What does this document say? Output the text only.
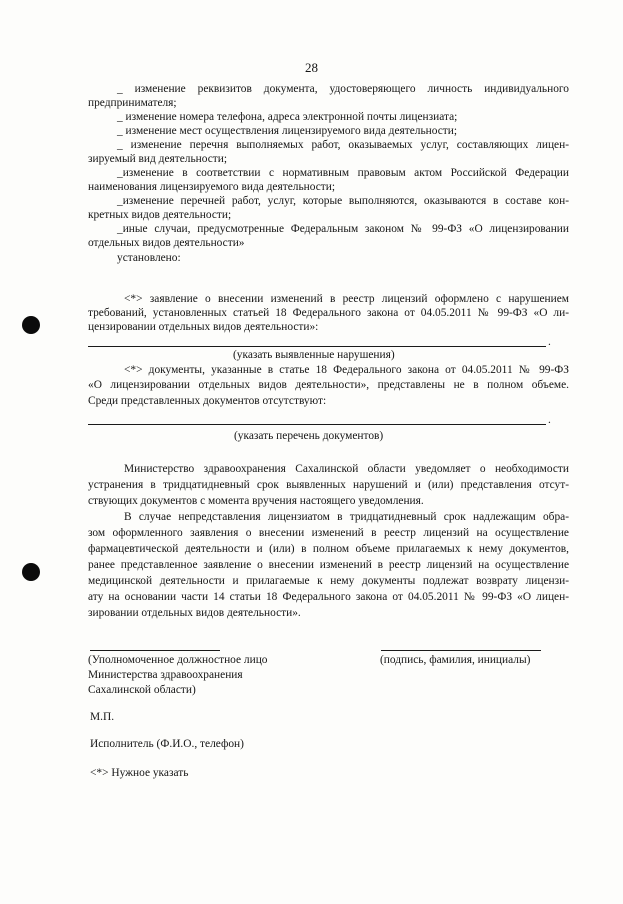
28
_ изменение реквизитов документа, удостоверяющего личность индивидуального
предпринимателя;
_ изменение номера телефона, адреса электронной почты лицензиата;
_ изменение мест осуществления лицензируемого вида деятельности;
_ изменение перечня выполняемых работ, оказываемых услуг, составляющих лицен-
зируемый вид деятельности;
_изменение в соответствии с нормативным правовым актом Российской Федерации
наименования лицензируемого вида деятельности;
_изменение перечней работ, услуг, которые выполняются, оказываются в составе кон-
кретных видов деятельности;
_иные случаи, предусмотренные Федеральным законом № 99-ФЗ «О лицензировании
отдельных видов деятельности»
установлено:
<*> заявление о внесении изменений в реестр лицензий оформлено с нарушением
требований, установленных статьей 18 Федерального закона от 04.05.2011 № 99-ФЗ «О ли-
цензировании отдельных видов деятельности»:
.
(указать выявленные нарушения)
<*> документы, указанные в статье 18 Федерального закона от 04.05.2011 № 99-ФЗ
«О лицензировании отдельных видов деятельности», представлены не в полном объеме.
Среди представленных документов отсутствуют:
.
(указать перечень документов)
Министерство здравоохранения Сахалинской области уведомляет о необходимости
устранения в тридцатидневный срок выявленных нарушений и (или) представления отсут-
ствующих документов с момента вручения настоящего уведомления.
В случае непредставления лицензиатом в тридцатидневный срок надлежащим обра-
зом оформленного заявления о внесении изменений в реестр лицензий на осуществление
фармацевтической деятельности и (или) в полном объеме прилагаемых к нему документов,
ранее представленное заявление о внесении изменений в реестр лицензий на осуществление
медицинской деятельности и прилагаемые к нему документы подлежат возврату лицензи-
ату на основании части 14 статьи 18 Федерального закона от 04.05.2011 № 99-ФЗ «О лицен-
зировании отдельных видов деятельности».
(Уполномоченное должностное лицо
Министерства здравоохранения
Сахалинской области)
(подпись, фамилия, инициалы)
М.П.
Исполнитель (Ф.И.О., телефон)
<*> Нужное указать
